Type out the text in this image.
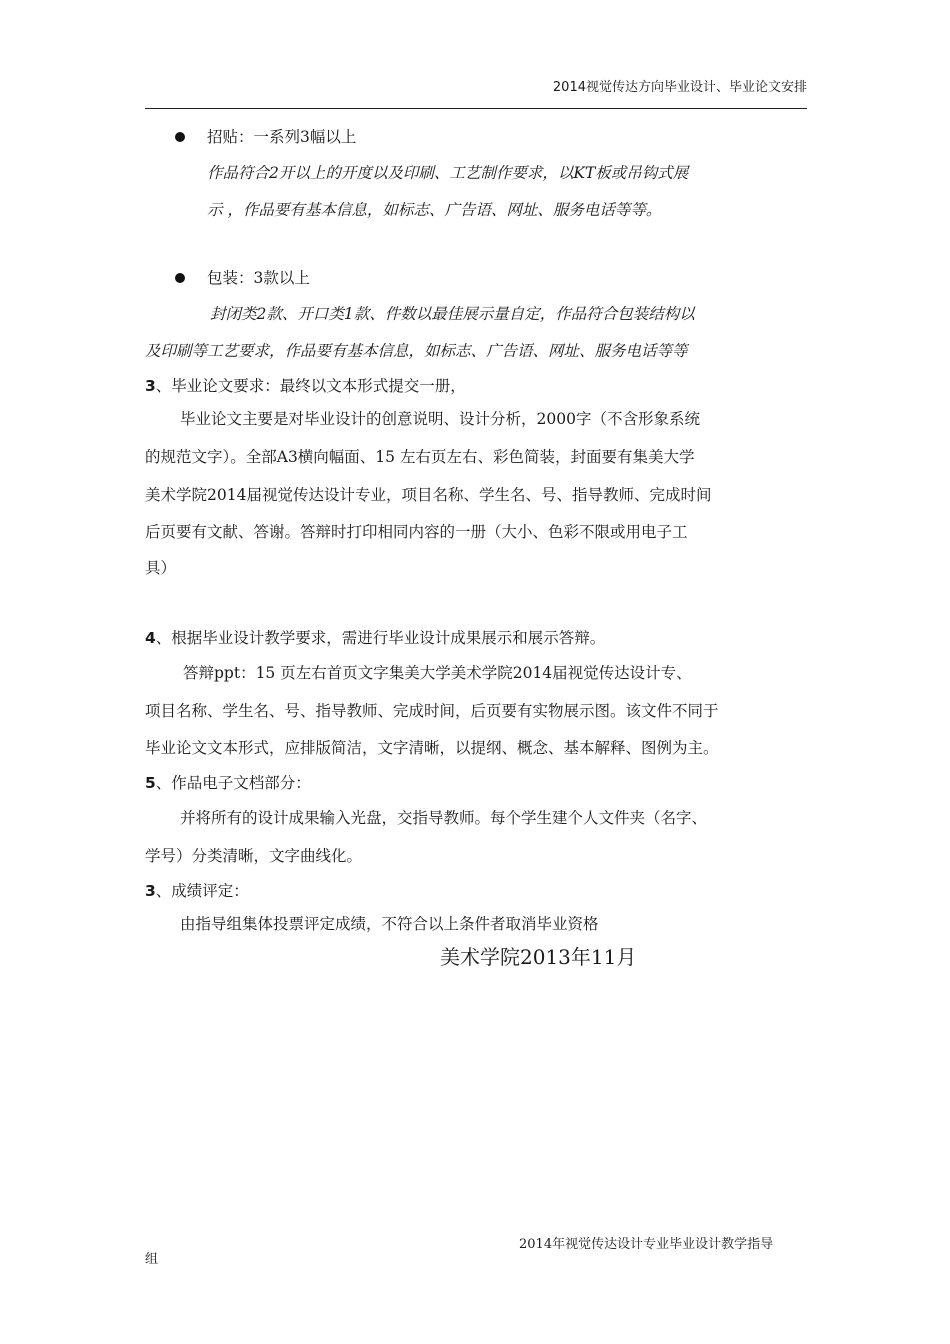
2014视觉传达方向毕业设计、毕业论文安排
招贴：一系列3幅以上
作品符合2开以上的开度以及印刷、工艺制作要求，以KT板或吊钩式展
示 ，作品要有基本信息，如标志、广告语、网址、服务电话等等。
包装：3款以上
封闭类2款、开口类1款、件数以最佳展示量自定，作品符合包装结构以
及印刷等工艺要求，作品要有基本信息，如标志、广告语、网址、服务电话等等
3、毕业论文要求：最终以文本形式提交一册，
毕业论文主要是对毕业设计的创意说明、设计分析，2000字（不含形象系统
的规范文字）。全部A3横向幅面、15 左右页左右、彩色简装，封面要有集美大学
美术学院2014届视觉传达设计专业，项目名称、学生名、号、指导教师、完成时间
后页要有文献、答谢。答辩时打印相同内容的一册（大小、色彩不限或用电子工
具）
4、根据毕业设计教学要求，需进行毕业设计成果展示和展示答辩。
答辩ppt：15 页左右首页文字集美大学美术学院2014届视觉传达设计专、
项目名称、学生名、号、指导教师、完成时间，后页要有实物展示图。该文件不同于
毕业论文文本形式，应排版简洁，文字清晰，以提纲、概念、基本解释、图例为主。
5、作品电子文档部分：
并将所有的设计成果输入光盘，交指导教师。每个学生建个人文件夹（名字、
学号）分类清晰，文字曲线化。
3、成绩评定：
由指导组集体投票评定成绩，不符合以上条件者取消毕业资格
美术学院2013年11月
2014年视觉传达设计专业毕业设计教学指导
组
